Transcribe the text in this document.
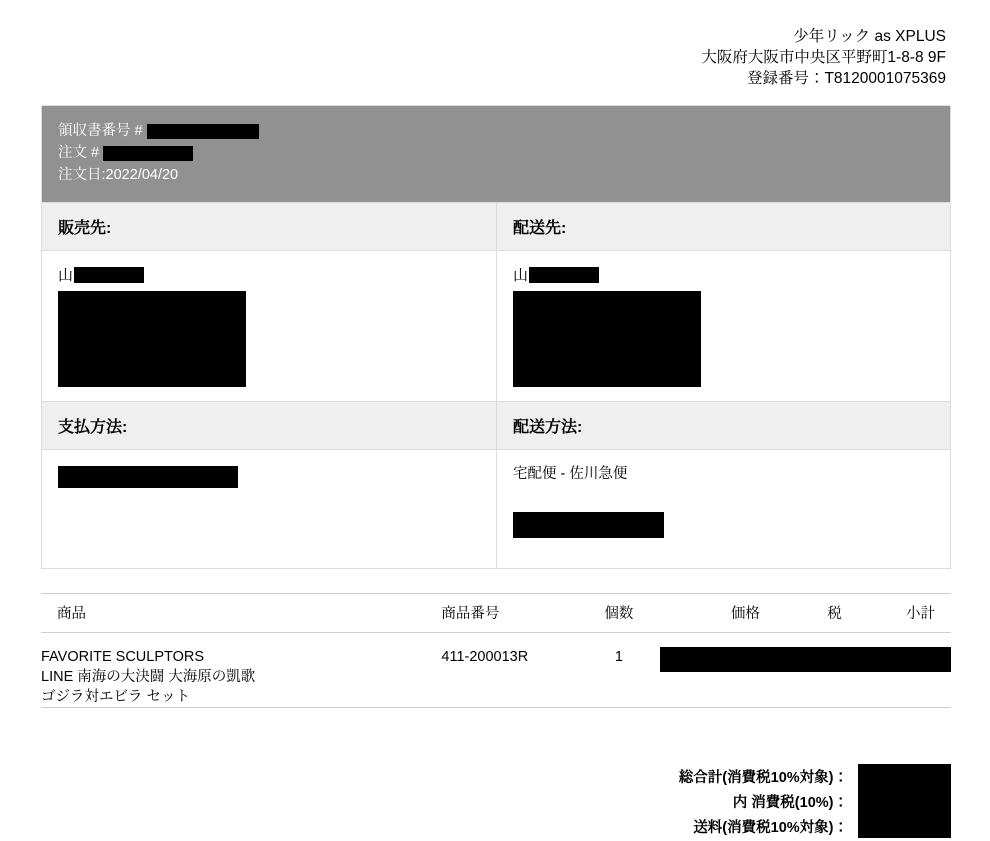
少年リック as XPLUS
大阪府大阪市中央区平野町1-8-8 9F
登録番号：T8120001075369
領収書番号 #
注文 #
注文日:2022/04/20
販売先:	配送先:
山	山
支払方法:	配送方法:
宅配便 - 佐川急便
商品	商品番号	個数	価格	税	小計

FAVORITE SCULPTORS
LINE 南海の大決闘 大海原の凱歌
ゴジラ対エビラ セット	411-200013R	1			
総合計(消費税10%対象)：
内 消費税(10%)：
送料(消費税10%対象)：
